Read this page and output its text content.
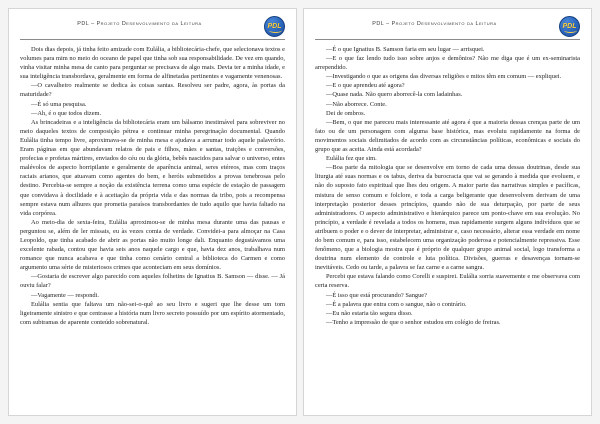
PDL – Projeto Desenvolvimento da Leitura	PDL

Dois dias depois, já tinha feito amizade com Eulália, a bibliotecária-chefe, que selecionava textos e volumes para mim no meio do oceano de papel que tinha sob sua responsabilidade. De vez em quando, vinha visitar minha mesa de canto para perguntar se precisava de algo mais. Devia ter a minha idade, e sua inteligência transbordava, geralmente em forma de alfinetadas pertinentes e vagamente venenosas.

—O cavalheiro realmente se dedica às coisas santas. Resolveu ser padre, agora, às portas da maturidade?

—É só uma pesquisa.

—Ah, é o que todos dizem.

As brincadeiras e a inteligência da bibliotecária eram um bálsamo inestimável para sobreviver no meio daqueles textos de composição pétrea e continuar minha peregrinação documental. Quando Eulália tinha tempo livre, aproximava-se de minha mesa e ajudava a arrumar todo aquele palavrório. Eram páginas em que abundavam relatos de pais e filhos, mães e santas, traições e conversões, profecias e profetas mártires, enviados do céu ou da glória, bebês nascidos para salvar o universo, entes malévolos de aspecto horripilante e geralmente de aparência animal, seres etéreos, mas com traços raciais arianos, que atuavam como agentes do bem, e heróis submetidos a provas tenebrosas pelo destino. Percebia-se sempre a noção da existência terrena como uma espécie de estação de passagem que convidava à docilidade e à aceitação da própria vida e das normas da tribo, pois a recompensa sempre estava num alhures que prometia paraísos transbordantes de tudo aquilo que havia faltado na vida corpórea.

Ao meio-dia de sexta-feira, Eulália aproximou-se de minha mesa durante uma das pausas e perguntou se, além de ler missais, eu às vezes comia de verdade. Convidei-a para almoçar na Casa Leopoldo, que tinha acabado de abrir as portas não muito longe dali. Enquanto degustávamos uma excelente rabada, contou que havia seis anos naquele cargo e que, havia dez anos, trabalhava num romance que nunca acabava e que tinha como cenário central a biblioteca do Carmen e como argumento uma série de misteriosos crimes que aconteciam em seus domínios.

—Gostaria de escrever algo parecido com aqueles folhetins de Ignatius B. Samson — disse. — Já ouviu falar?

—Vagamente — respondi.

Eulália sentia que faltava um não-sei-o-quê ao seu livro e sugeri que lhe desse um tom ligeiramente sinistro e que centrasse a história num livro secreto possuído por um espírito atormentado, com subtramas de aparente conteúdo sobrenatural.

PDL – Projeto Desenvolvimento da Leitura	PDL

—É o que Ignatius B. Samson faria em seu lugar — arrisquei.

—E o que faz lendo tudo isso sobre anjos e demônios? Não me diga que é um ex-seminarista arrependido.

—Investigando o que as origens das diversas religiões e mitos têm em comum — expliquei.

—E o que aprendeu até agora?

—Quase nada. Não quero aborrecê-la com ladainhas.

—Não aborrece. Conte.

Dei de ombros.

—Bem, o que me pareceu mais interessante até agora é que a maioria dessas crenças parte de um fato ou de um personagem com alguma base histórica, mas evoluiu rapidamente na forma de movimentos sociais delimitados de acordo com as circunstâncias políticas, econômicas e sociais do grupo que as aceita. Ainda está acordada?

Eulália fez que sim.

—Boa parte da mitologia que se desenvolve em torno de cada uma dessas doutrinas, desde sua liturgia até suas normas e os tabus, deriva da burocracia que vai se gerando à medida que evoluem, e não do suposto fato espiritual que lhes deu origem. A maior parte das narrativas simples e pacíficas, mistura de senso comum e folclore, e toda a carga beligerante que desenvolvem derivam de uma interpretação posterior desses princípios, quando não de sua deturpação, por parte de seus administradores. O aspecto administrativo e hierárquico parece um ponto-chave em sua evolução. No princípio, a verdade é revelada a todos os homens, mas rapidamente surgem alguns indivíduos que se atribuem o poder e o dever de interpretar, administrar e, caso necessário, alterar essa verdade em nome do bem comum e, para isso, estabelecem uma organização poderosa e potencialmente repressiva. Esse fenômeno, que a biologia mostra que é próprio de qualquer grupo animal social, logo transforma a doutrina num elemento de controle e luta política. Divisões, guerras e desavenças tornam-se inevitáveis. Cedo ou tarde, a palavra se faz carne e a carne sangra.

Percebi que estava falando como Corelli e suspirei. Eulália sorria suavemente e me observava com certa reserva.

—É isso que está procurando? Sangue?

—É a palavra que entra com o sangue, não o contrário.

—Eu não estaria tão segura disso.

—Tenho a impressão de que o senhor estudou em colégio de freiras.
